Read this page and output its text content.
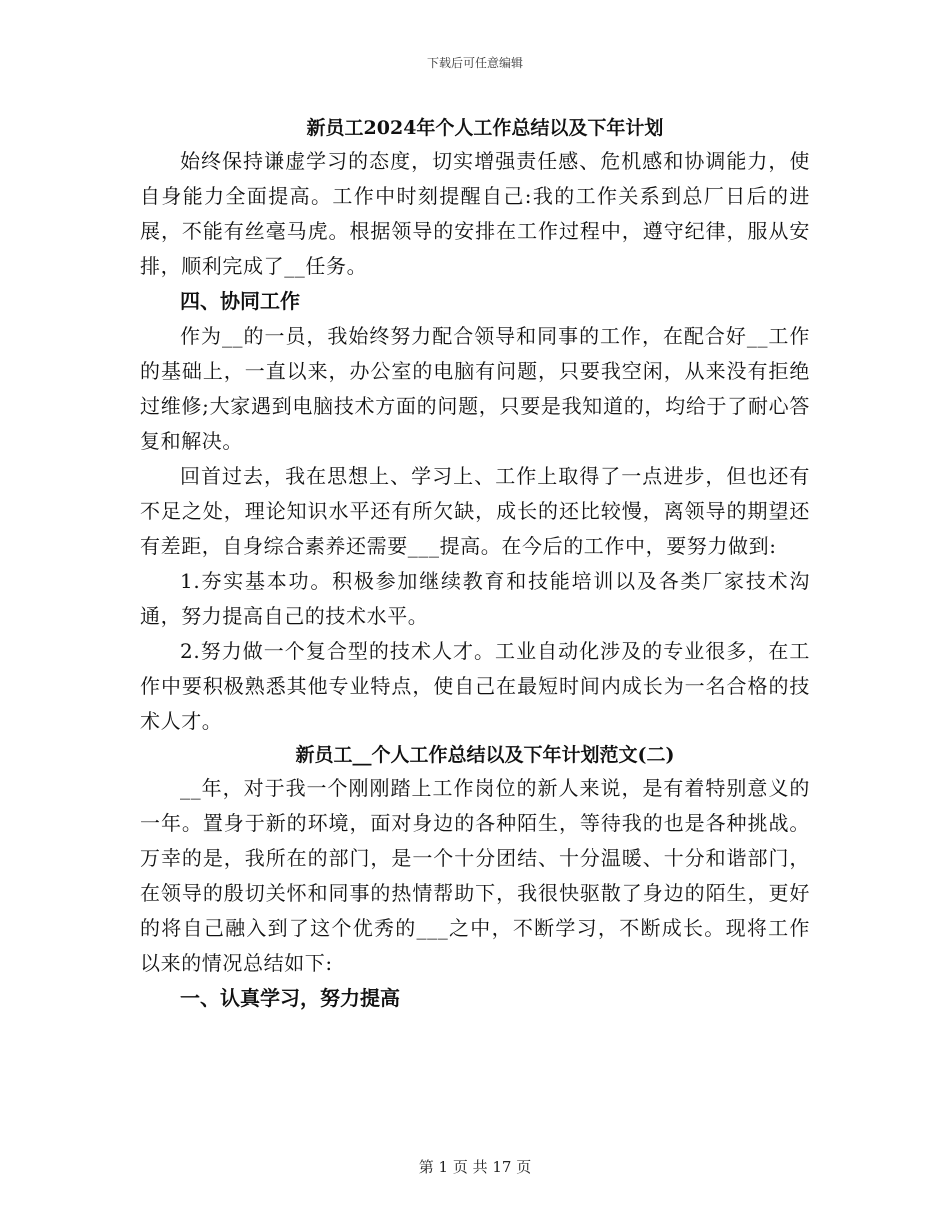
下载后可任意编辑

新员工2024年个人工作总结以及下年计划

始终保持谦虚学习的态度，切实增强责任感、危机感和协调能力，使自身能力全面提高。工作中时刻提醒自己:我的工作关系到总厂日后的进展，不能有丝毫马虎。根据领导的安排在工作过程中，遵守纪律，服从安排，顺利完成了__任务。

四、协同工作

作为__的一员，我始终努力配合领导和同事的工作，在配合好__工作的基础上，一直以来，办公室的电脑有问题，只要我空闲，从来没有拒绝过维修;大家遇到电脑技术方面的问题，只要是我知道的，均给于了耐心答复和解决。

回首过去，我在思想上、学习上、工作上取得了一点进步，但也还有不足之处，理论知识水平还有所欠缺，成长的还比较慢，离领导的期望还有差距，自身综合素养还需要___提高。在今后的工作中，要努力做到:

1.夯实基本功。积极参加继续教育和技能培训以及各类厂家技术沟通，努力提高自己的技术水平。

2.努力做一个复合型的技术人才。工业自动化涉及的专业很多，在工作中要积极熟悉其他专业特点，使自己在最短时间内成长为一名合格的技术人才。

新员工__个人工作总结以及下年计划范文(二)

__年，对于我一个刚刚踏上工作岗位的新人来说，是有着特别意义的一年。置身于新的环境，面对身边的各种陌生，等待我的也是各种挑战。万幸的是，我所在的部门，是一个十分团结、十分温暖、十分和谐部门，在领导的殷切关怀和同事的热情帮助下，我很快驱散了身边的陌生，更好的将自己融入到了这个优秀的___之中，不断学习，不断成长。现将工作以来的情况总结如下:

一、认真学习，努力提高

第 1 页 共 17 页
